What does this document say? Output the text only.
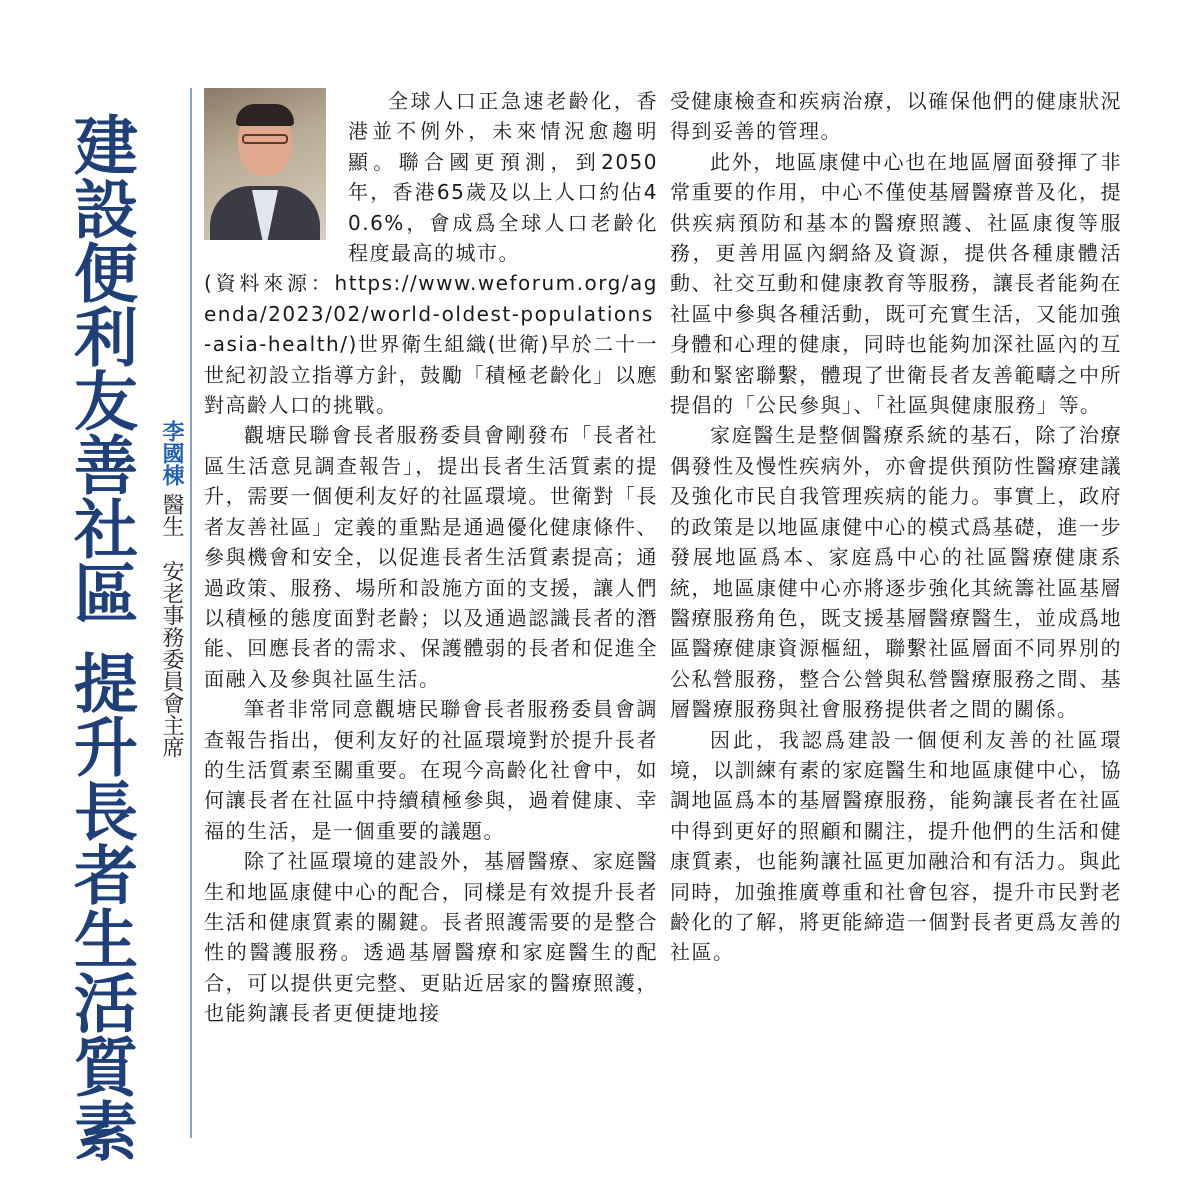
建設便利友善社區提升長者生活質素
李國棟 醫生 安老事務委員會主席

全球人口正急速老齡化，香港並不例外，未來情況愈趨明顯。聯合國更預測，到2050年，香港65歲及以上人口約佔40.6%，會成爲全球人口老齡化程度最高的城市。

(資料來源：https://www.weforum.org/agenda/2023/02/world-oldest-populations-asia-health/)世界衛生組織(世衛)早於二十一世紀初設立指導方針，鼓勵「積極老齡化」以應對高齡人口的挑戰。

觀塘民聯會長者服務委員會剛發布「長者社區生活意見調查報告」，提出長者生活質素的提升，需要一個便利友好的社區環境。世衛對「長者友善社區」定義的重點是通過優化健康條件、參與機會和安全，以促進長者生活質素提高；通過政策、服務、場所和設施方面的支援，讓人們以積極的態度面對老齡；以及通過認識長者的潛能、回應長者的需求、保護體弱的長者和促進全面融入及參與社區生活。

筆者非常同意觀塘民聯會長者服務委員會調查報告指出，便利友好的社區環境對於提升長者的生活質素至關重要。在現今高齡化社會中，如何讓長者在社區中持續積極參與，過着健康、幸福的生活，是一個重要的議題。

除了社區環境的建設外，基層醫療、家庭醫生和地區康健中心的配合，同樣是有效提升長者生活和健康質素的關鍵。長者照護需要的是整合性的醫護服務。透過基層醫療和家庭醫生的配合，可以提供更完整、更貼近居家的醫療照護，也能夠讓長者更便捷地接

受健康檢查和疾病治療，以確保他們的健康狀況得到妥善的管理。

此外，地區康健中心也在地區層面發揮了非常重要的作用，中心不僅使基層醫療普及化，提供疾病預防和基本的醫療照護、社區康復等服務，更善用區內網絡及資源，提供各種康體活動、社交互動和健康教育等服務，讓長者能夠在社區中參與各種活動，既可充實生活，又能加強身體和心理的健康，同時也能夠加深社區內的互動和緊密聯繫，體現了世衛長者友善範疇之中所提倡的「公民參與」、「社區與健康服務」等。

家庭醫生是整個醫療系統的基石，除了治療偶發性及慢性疾病外，亦會提供預防性醫療建議及強化市民自我管理疾病的能力。事實上，政府的政策是以地區康健中心的模式爲基礎，進一步發展地區爲本、家庭爲中心的社區醫療健康系統，地區康健中心亦將逐步強化其統籌社區基層醫療服務角色，既支援基層醫療醫生，並成爲地區醫療健康資源樞紐，聯繫社區層面不同界別的公私營服務，整合公營與私營醫療服務之間、基層醫療服務與社會服務提供者之間的關係。

因此，我認爲建設一個便利友善的社區環境，以訓練有素的家庭醫生和地區康健中心，協調地區爲本的基層醫療服務，能夠讓長者在社區中得到更好的照顧和關注，提升他們的生活和健康質素，也能夠讓社區更加融洽和有活力。與此同時，加強推廣尊重和社會包容，提升市民對老齡化的了解，將更能締造一個對長者更爲友善的社區。
